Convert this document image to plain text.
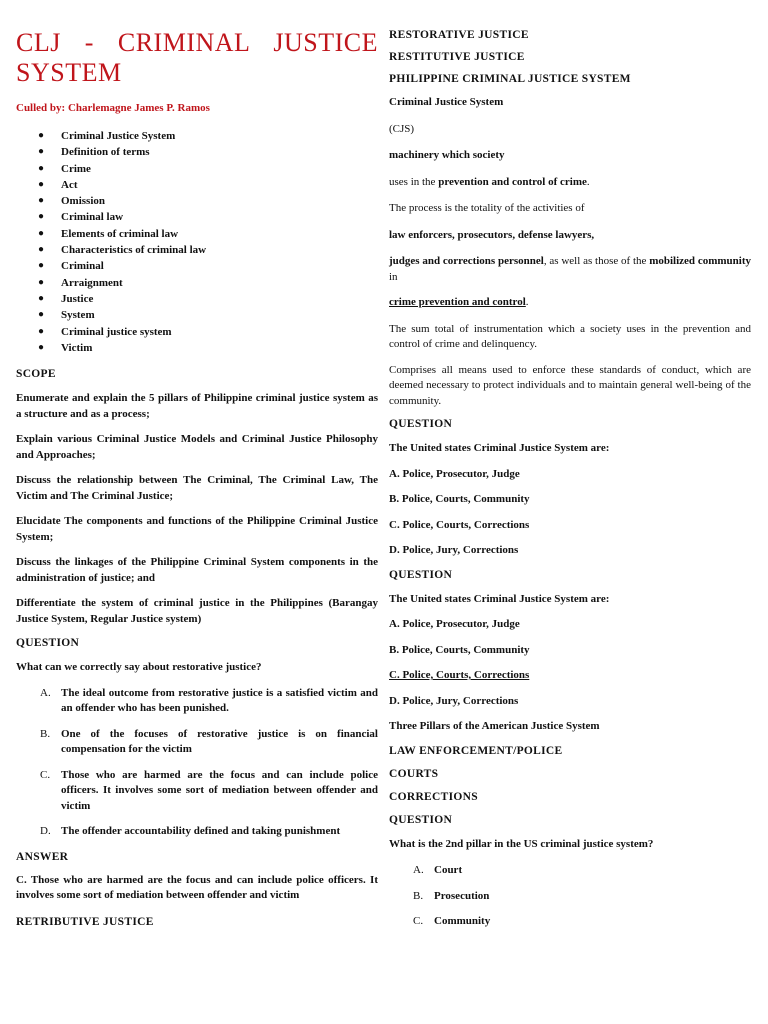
CLJ - CRIMINAL JUSTICE SYSTEM

Culled by: Charlemagne James P. Ramos

● Criminal Justice System
● Definition of terms
● Crime
● Act
● Omission
● Criminal law
● Elements of criminal law
● Characteristics of criminal law
● Criminal
● Arraignment
● Justice
● System
● Criminal justice system
● Victim

SCOPE

Enumerate and explain the 5 pillars of Philippine criminal justice system as a structure and as a process;

Explain various Criminal Justice Models and Criminal Justice Philosophy and Approaches;

Discuss the relationship between The Criminal, The Criminal Law, The Victim and The Criminal Justice;

Elucidate The components and functions of the Philippine Criminal Justice System;

Discuss the linkages of the Philippine Criminal System components in the administration of justice; and

Differentiate the system of criminal justice in the Philippines (Barangay Justice System, Regular Justice system)

QUESTION

What can we correctly say about restorative justice?

A. The ideal outcome from restorative justice is a satisfied victim and an offender who has been punished.
B. One of the focuses of restorative justice is on financial compensation for the victim
C. Those who are harmed are the focus and can include police officers. It involves some sort of mediation between offender and victim
D. The offender accountability defined and taking punishment

ANSWER

C. Those who are harmed are the focus and can include police officers. It involves some sort of mediation between offender and victim

RETRIBUTIVE JUSTICE

RESTORATIVE JUSTICE

RESTITUTIVE JUSTICE

PHILIPPINE CRIMINAL JUSTICE SYSTEM

Criminal Justice System

(CJS)

machinery which society

uses in the prevention and control of crime.

The process is the totality of the activities of

law enforcers, prosecutors, defense lawyers,

judges and corrections personnel, as well as those of the mobilized community in

crime prevention and control.

The sum total of instrumentation which a society uses in the prevention and control of crime and delinquency.

Comprises all means used to enforce these standards of conduct, which are deemed necessary to protect individuals and to maintain general well-being of the community.

QUESTION

The United states Criminal Justice System are:

A. Police, Prosecutor, Judge

B. Police, Courts, Community

C. Police, Courts, Corrections

D. Police, Jury, Corrections

QUESTION

The United states Criminal Justice System are:

A. Police, Prosecutor, Judge

B. Police, Courts, Community

C. Police, Courts, Corrections

D. Police, Jury, Corrections

Three Pillars of the American Justice System

LAW ENFORCEMENT/POLICE

COURTS

CORRECTIONS

QUESTION

What is the 2nd pillar in the US criminal justice system?

A. Court
B. Prosecution
C. Community
